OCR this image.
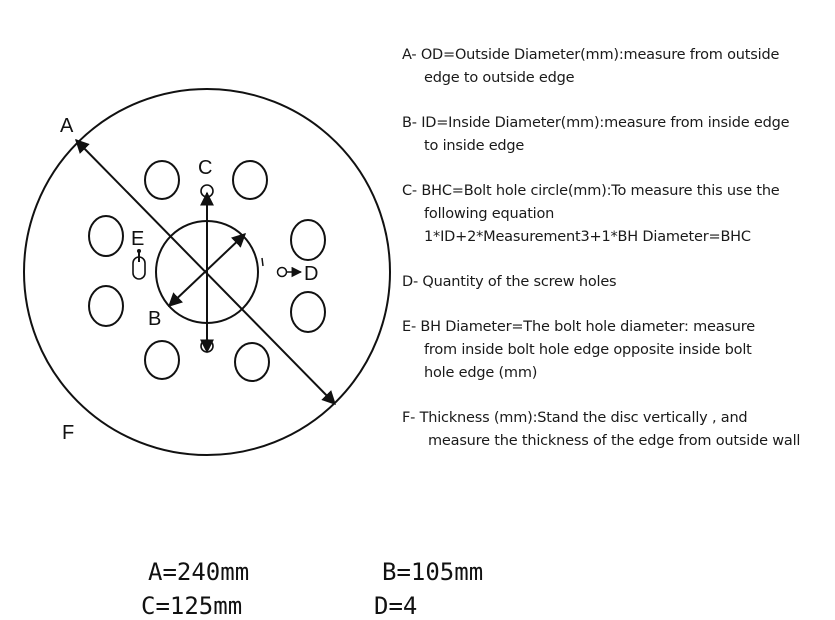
A
C
E
D
B
F
A- OD=Outside Diameter(mm):measure from outside
edge to outside edge
B- ID=Inside Diameter(mm):measure from inside edge
to inside edge
C- BHC=Bolt hole circle(mm):To measure this use the
following equation
1*ID+2*Measurement3+1*BH Diameter=BHC
D- Quantity of the screw holes
E- BH Diameter=The bolt hole diameter: measure
from inside bolt hole edge opposite inside bolt
hole edge (mm)
F- Thickness (mm):Stand the disc vertically , and
measure the thickness of the edge from outside wall
A=240mm	B=105mm
C=125mm	D=4
